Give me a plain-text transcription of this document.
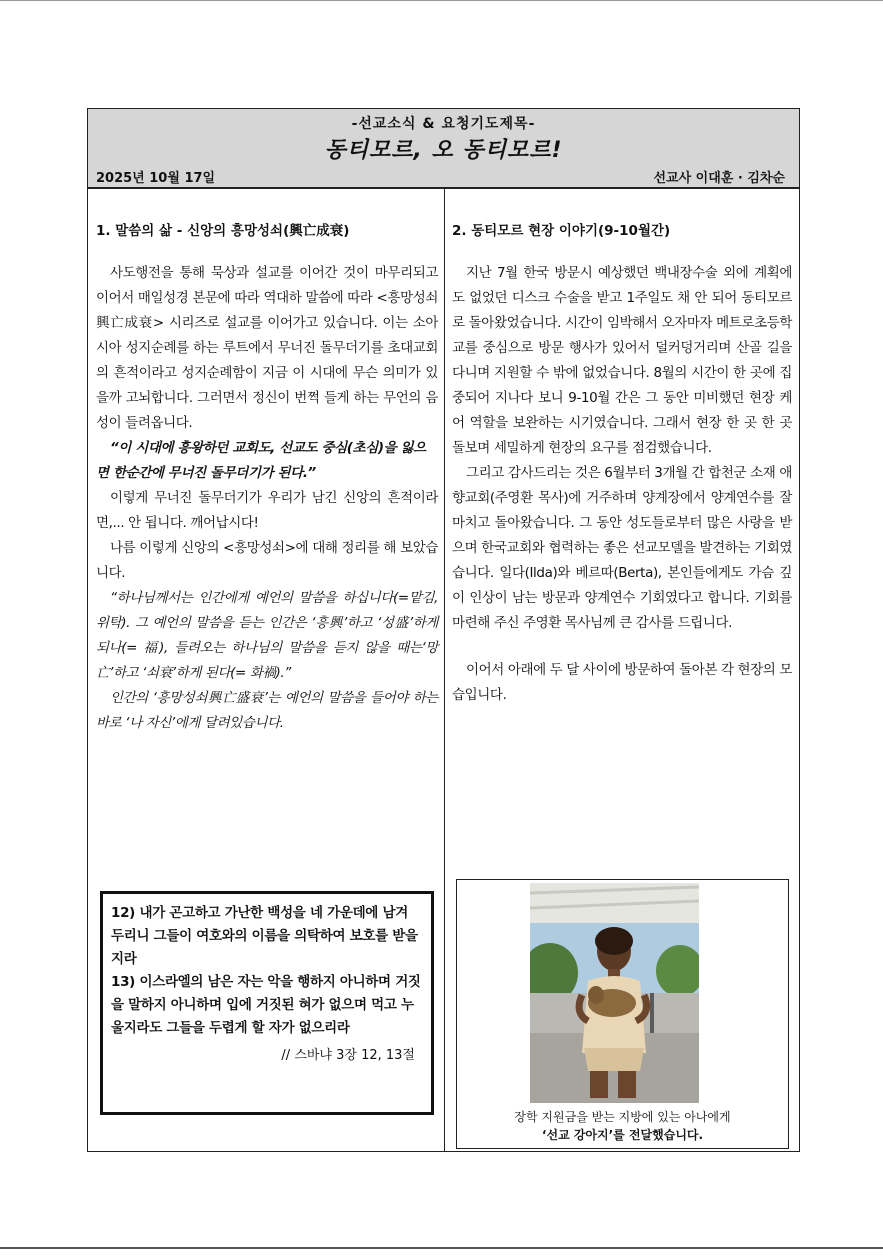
-선교소식 & 요청기도제목-
동티모르, 오 동티모르!
2025년 10월 17일	선교사 이대훈 · 김차순
1. 말씀의 삶 - 신앙의 흥망성쇠(興亡成衰)

사도행전을 통해 묵상과 설교를 이어간 것이 마무리되고 이어서 매일성경 본문에 따라 역대하 말씀에 따라 <흥망성쇠興亡成衰> 시리즈로 설교를 이어가고 있습니다. 이는 소아시아 성지순례를 하는 루트에서 무너진 돌무더기를 초대교회의 흔적이라고 성지순례함이 지금 이 시대에 무슨 의미가 있을까 고뇌합니다. 그러면서 정신이 번쩍 들게 하는 무언의 음성이 들려옵니다.

“이 시대에 흥왕하던 교회도, 선교도 중심(초심)을 잃으면 한순간에 무너진 돌무더기가 된다.”

이렇게 무너진 돌무더기가 우리가 남긴 신앙의 흔적이라면,... 안 됩니다. 깨어납시다!

나름 이렇게 신앙의 <흥망성쇠>에 대해 정리를 해 보았습니다.

“하나님께서는 인간에게 예언의 말씀을 하십니다(=맡김, 위탁). 그 예언의 말씀을 듣는 인간은 ‘흥興’하고 ‘성盛’하게 되나(= 福), 들려오는 하나님의 말씀을 듣지 않을 때는‘망亡’하고 ‘쇠衰’하게 된다(= 화禍).”

인간의 ‘흥망성쇠興亡盛衰’는 예언의 말씀을 들어야 하는 바로 ‘나 자신’에게 달려있습니다.

12) 내가 곤고하고 가난한 백성을 네 가운데에 남겨 두리니 그들이 여호와의 이름을 의탁하여 보호를 받을지라

13) 이스라엘의 남은 자는 악을 행하지 아니하며 거짓을 말하지 아니하며 입에 거짓된 혀가 없으며 먹고 누울지라도 그들을 두렵게 할 자가 없으리라

// 스바냐 3장 12, 13절
2. 동티모르 현장 이야기(9-10월간)

지난 7월 한국 방문시 예상했던 백내장수술 외에 계획에도 없었던 디스크 수술을 받고 1주일도 채 안 되어 동티모르로 돌아왔었습니다. 시간이 임박해서 오자마자 메트로초등학교를 중심으로 방문 행사가 있어서 덜커덩거리며 산골 길을 다니며 지원할 수 밖에 없었습니다. 8월의 시간이 한 곳에 집중되어 지나다 보니 9-10월 간은 그 동안 미비했던 현장 케어 역할을 보완하는 시기였습니다. 그래서 현장 한 곳 한 곳 돌보며 세밀하게 현장의 요구를 점검했습니다.

그리고 감사드리는 것은 6월부터 3개월 간 합천군 소재 애향교회(주영환 목사)에 거주하며 양계장에서 양계연수를 잘 마치고 돌아왔습니다. 그 동안 성도들로부터 많은 사랑을 받으며 한국교회와 협력하는 좋은 선교모델을 발견하는 기회였습니다. 일다(Ilda)와 베르따(Berta), 본인들에게도 가슴 깊이 인상이 남는 방문과 양계연수 기회였다고 합니다. 기회를 마련해 주신 주영환 목사님께 큰 감사를 드립니다.

이어서 아래에 두 달 사이에 방문하여 돌아본 각 현장의 모습입니다.

장학 지원금을 받는 지방에 있는 아나에게
‘선교 강아지’를 전달했습니다.
